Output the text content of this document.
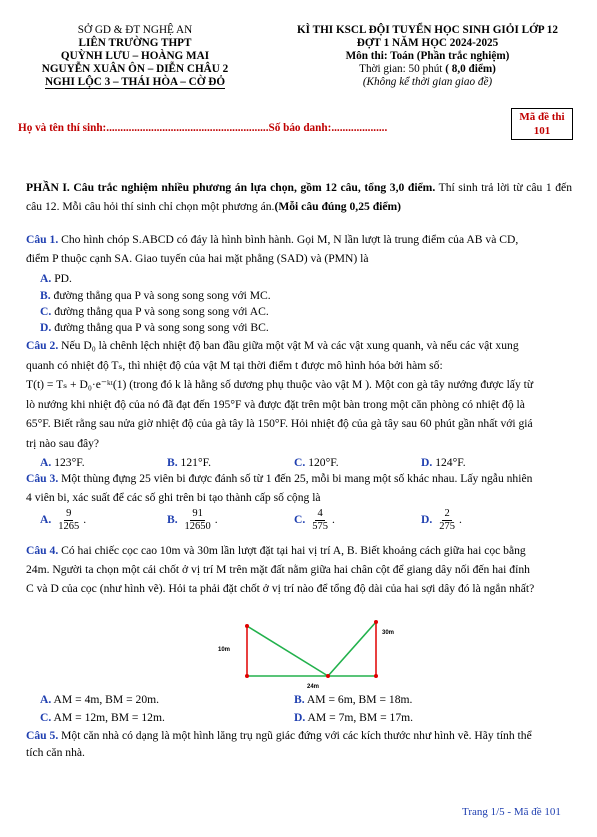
SỞ GD & ĐT NGHỆ AN
LIÊN TRƯỜNG THPT
QUỲNH LƯU – HOÀNG MAI
NGUYỄN XUÂN ÔN – DIỄN CHÂU 2
NGHI LỘC 3 – THÁI HÒA – CỜ ĐỎ
KÌ THI KSCL ĐỘI TUYỂN HỌC SINH GIỎI LỚP 12
ĐỢT 1 NĂM HỌC 2024-2025
Môn thi: Toán (Phần trắc nghiệm)
Thời gian: 50 phút ( 8,0 điểm)
(Không kể thời gian giao đề)
Họ và tên thí sinh:..........................................................Số báo danh:....................
Mã đề thi
101
PHẦN I. Câu trắc nghiệm nhiều phương án lựa chọn, gồm 12 câu, tổng 3,0 điểm. Thí sinh trả lời từ câu 1 đến câu 12. Mỗi câu hỏi thí sinh chỉ chọn một phương án.(Mỗi câu đúng 0,25 điểm)
Câu 1. Cho hình chóp S.ABCD có đáy là hình bình hành. Gọi M, N lần lượt là trung điểm của AB và CD,
điểm P thuộc cạnh SA. Giao tuyến của hai mặt phẳng (SAD) và (PMN) là
A. PD.
B. đường thẳng qua P và song song song với MC.
C. đường thẳng qua P và song song song với AC.
D. đường thẳng qua P và song song song với BC.
Câu 2. Nếu D₀ là chênh lệch nhiệt độ ban đầu giữa một vật M và các vật xung quanh, và nếu các vật xung
quanh có nhiệt độ Tₛ, thì nhiệt độ của vật M tại thời điểm t được mô hình hóa bởi hàm số:
T(t) = Tₛ + D₀·e⁻ᵏᵗ(1) (trong đó k là hằng số dương phụ thuộc vào vật M ). Một con gà tây nướng được lấy từ
lò nướng khi nhiệt độ của nó đã đạt đến 195°F và được đặt trên một bàn trong một căn phòng có nhiệt độ là
65°F. Biết rằng sau nửa giờ nhiệt độ của gà tây là 150°F. Hỏi nhiệt độ của gà tây sau 60 phút gần nhất với giá
trị nào sau đây?
A. 123°F.	B. 121°F.	C. 120°F.	D. 124°F.
Câu 3. Một thùng đựng 25 viên bi được đánh số từ 1 đến 25, mỗi bi mang một số khác nhau. Lấy ngẫu nhiên
4 viên bi, xác suất để các số ghi trên bi tạo thành cấp số cộng là
A. $\frac{9}{1265}$ .	B. $\frac{91}{12650}$ .	C. $\frac{4}{575}$ .	D. $\frac{2}{275}$ .
Câu 4. Có hai chiếc cọc cao 10m và 30m lần lượt đặt tại hai vị trí A, B. Biết khoảng cách giữa hai cọc bằng
24m. Người ta chọn một cái chốt ở vị trí M trên mặt đất nằm giữa hai chân cột để giang dây nối đến hai đỉnh
C và D của cọc (như hình vẽ). Hỏi ta phải đặt chốt ở vị trí nào để tổng độ dài của hai sợi dây đó là ngắn nhất?
10m
30m
24m
A. AM = 4m, BM = 20m.	B. AM = 6m, BM = 18m.
C. AM = 12m, BM = 12m.	D. AM = 7m, BM = 17m.
Câu 5. Một căn nhà có dạng là một hình lăng trụ ngũ giác đứng với các kích thước như hình vẽ. Hãy tính thể
tích căn nhà.
Trang 1/5 - Mã đề 101
